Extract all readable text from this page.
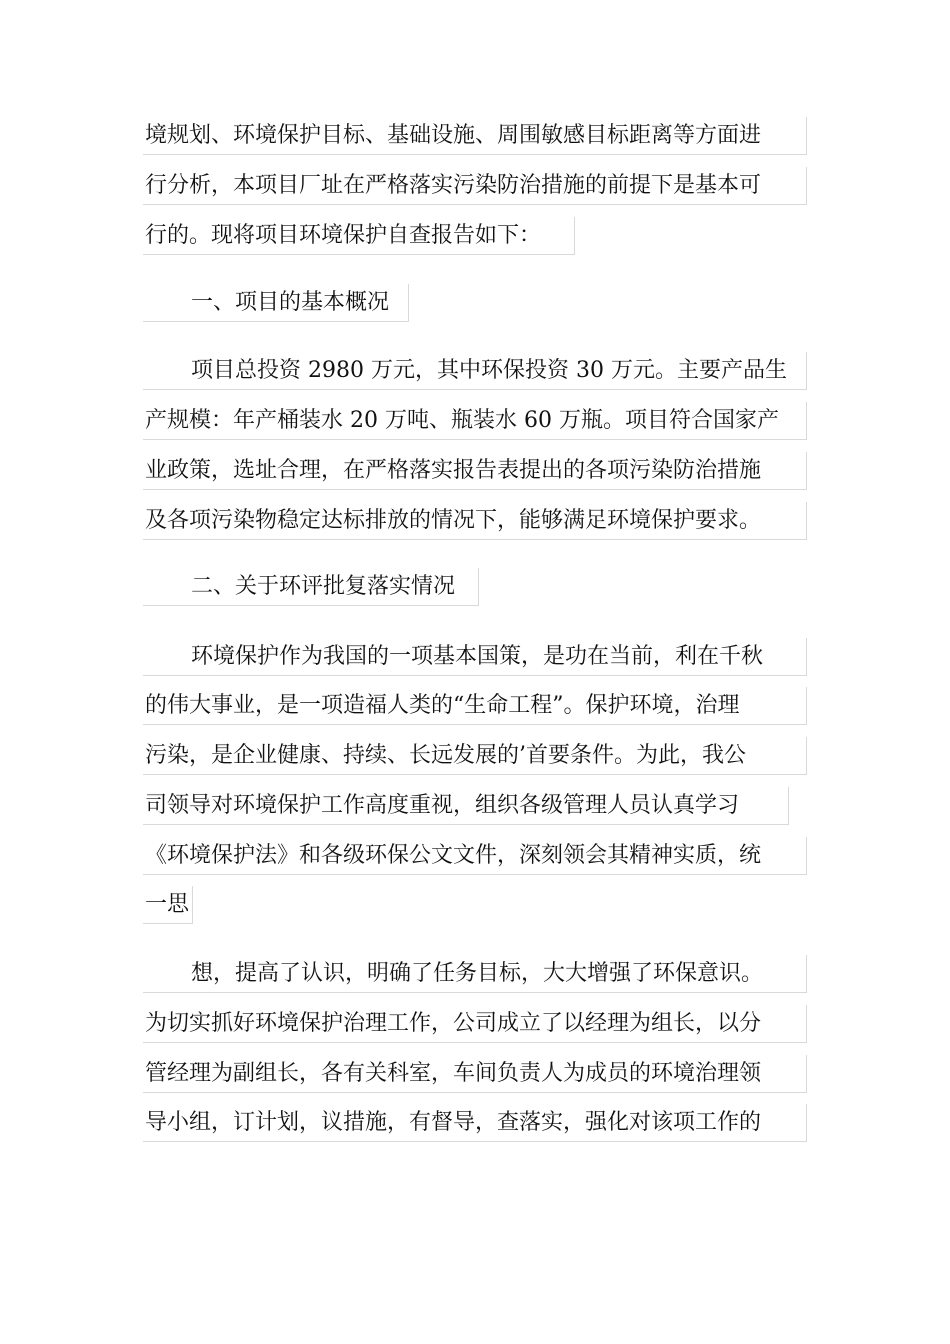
境规划、环境保护目标、基础设施、周围敏感目标距离等方面进
行分析，本项目厂址在严格落实污染防治措施的前提下是基本可
行的。现将项目环境保护自查报告如下：
一、项目的基本概况
项目总投资 2980 万元，其中环保投资 30 万元。主要产品生
产规模：年产桶装水 20 万吨、瓶装水 60 万瓶。项目符合国家产
业政策，选址合理，在严格落实报告表提出的各项污染防治措施
及各项污染物稳定达标排放的情况下，能够满足环境保护要求。
二、关于环评批复落实情况
环境保护作为我国的一项基本国策，是功在当前，利在千秋
的伟大事业，是一项造福人类的“生命工程”。保护环境，治理
污染，是企业健康、持续、长远发展的’首要条件。为此，我公
司领导对环境保护工作高度重视，组织各级管理人员认真学习
《环境保护法》和各级环保公文文件，深刻领会其精神实质，统
一思
想，提高了认识，明确了任务目标，大大增强了环保意识。
为切实抓好环境保护治理工作，公司成立了以经理为组长，以分
管经理为副组长，各有关科室，车间负责人为成员的环境治理领
导小组，订计划，议措施，有督导，查落实，强化对该项工作的
